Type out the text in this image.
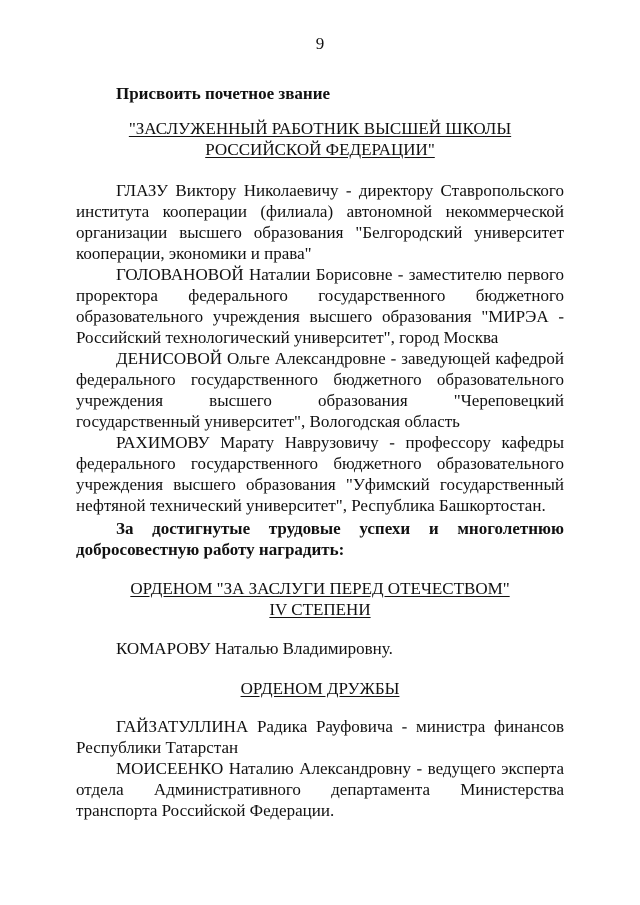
9
Присвоить почетное звание
"ЗАСЛУЖЕННЫЙ РАБОТНИК ВЫСШЕЙ ШКОЛЫ
РОССИЙСКОЙ ФЕДЕРАЦИИ"
ГЛАЗУ Виктору Николаевичу - директору Ставропольского института кооперации (филиала) автономной некоммерческой организации высшего образования "Белгородский университет кооперации, экономики и права"
ГОЛОВАНОВОЙ Наталии Борисовне - заместителю первого проректора федерального государственного бюджетного образовательного учреждения высшего образования "МИРЭА - Российский технологический университет", город Москва
ДЕНИСОВОЙ Ольге Александровне - заведующей кафедрой федерального государственного бюджетного образовательного учреждения высшего образования "Череповецкий государственный университет", Вологодская область
РАХИМОВУ Марату Наврузовичу - профессору кафедры федерального государственного бюджетного образовательного учреждения высшего образования "Уфимский государственный нефтяной технический университет", Республика Башкортостан.
За достигнутые трудовые успехи и многолетнюю добросовестную работу наградить:
ОРДЕНОМ "ЗА ЗАСЛУГИ ПЕРЕД ОТЕЧЕСТВОМ"
IV СТЕПЕНИ
КОМАРОВУ Наталью Владимировну.
ОРДЕНОМ ДРУЖБЫ
ГАЙЗАТУЛЛИНА Радика Рауфовича - министра финансов Республики Татарстан
МОИСЕЕНКО Наталию Александровну - ведущего эксперта отдела Административного департамента Министерства транспорта Российской Федерации.
